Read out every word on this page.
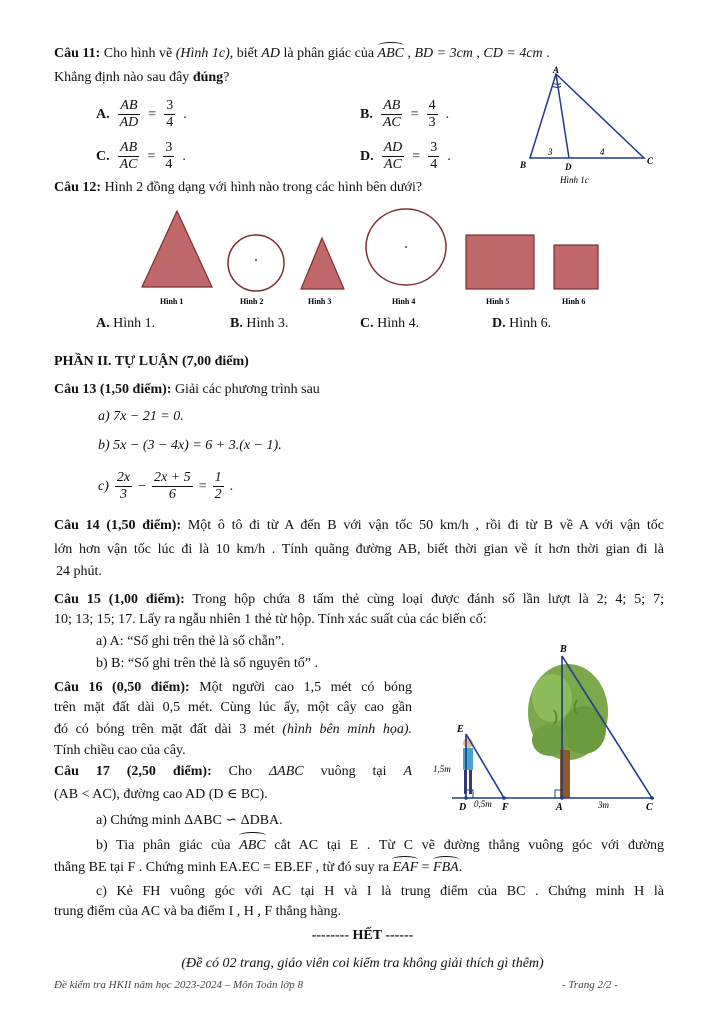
Câu 11: Cho hình vẽ (Hình 1c), biết AD là phân giác của ABC , BD = 3cm , CD = 4cm .
Khẳng định nào sau đây đúng?
A. $\frac{AB}{AD} = \frac{3}{4}$ .	B. $\frac{AB}{AC} = \frac{4}{3}$ .
C. $\frac{AB}{AC} = \frac{3}{4}$ .	D. $\frac{AD}{AC} = \frac{3}{4}$ .
A
B	C
D
3	4
Hình 1c
Câu 12: Hình 2 đồng dạng với hình nào trong các hình bên dưới?
Hình 1	Hình 2	Hình 3	Hình 4	Hình 5	Hình 6
A. Hình 1.	B. Hình 3.	C. Hình 4.	D. Hình 6.
PHẦN II. TỰ LUẬN (7,00 điểm)
Câu 13 (1,50 điểm): Giải các phương trình sau
a) 7x − 21 = 0.
b) 5x − (3 − 4x) = 6 + 3.(x − 1).
$c) \frac{2x}{3} - \frac{2x + 5}{6} = \frac{1}{2}$ .
Câu 14 (1,50 điểm): Một ô tô đi từ A đến B với vận tốc 50 km/h , rồi đi từ B về A với vận tốc
lớn hơn vận tốc lúc đi là 10 km/h . Tính quãng đường AB, biết thời gian về ít hơn thời gian đi là
24 phút.
Câu 15 (1,00 điểm): Trong hộp chứa 8 tấm thẻ cùng loại được đánh số lần lượt là 2; 4; 5; 7;
10; 13; 15; 17. Lấy ra ngẫu nhiên 1 thẻ từ hộp. Tính xác suất của các biến cố:
a) A: “Số ghi trên thẻ là số chẵn”.
b) B: “Số ghi trên thẻ là số nguyên tố” .
Câu 16 (0,50 điểm): Một người cao 1,5 mét có bóng
trên mặt đất dài 0,5 mét. Cùng lúc ấy, một cây cao gần
đó có bóng trên mặt đất dài 3 mét (hình bên minh họa).
Tính chiều cao của cây.
Câu 17 (2,50 điểm): Cho ΔABC vuông tại A
(AB < AC), đường cao AD (D ∈ BC).
a) Chứng minh ΔABC ∽ ΔDBA.
b) Tia phân giác của ABC cắt AC tại E . Từ C vẽ đường thẳng vuông góc với đường
thẳng BE tại F . Chứng minh EA.EC = EB.EF , từ đó suy ra EAF = FBA.
c) Kẻ FH vuông góc với AC tại H và I là trung điểm của BC . Chứng minh H là
trung điểm của AC và ba điểm I , H , F thẳng hàng.
B
E
D	F	A	C
1,5m
0,5m	3m
-------- HẾT ------
(Đề có 02 trang, giáo viên coi kiểm tra không giải thích gì thêm)
Đề kiểm tra HKII năm học 2023-2024 – Môn Toán lớp 8	- Trang 2/2 -
